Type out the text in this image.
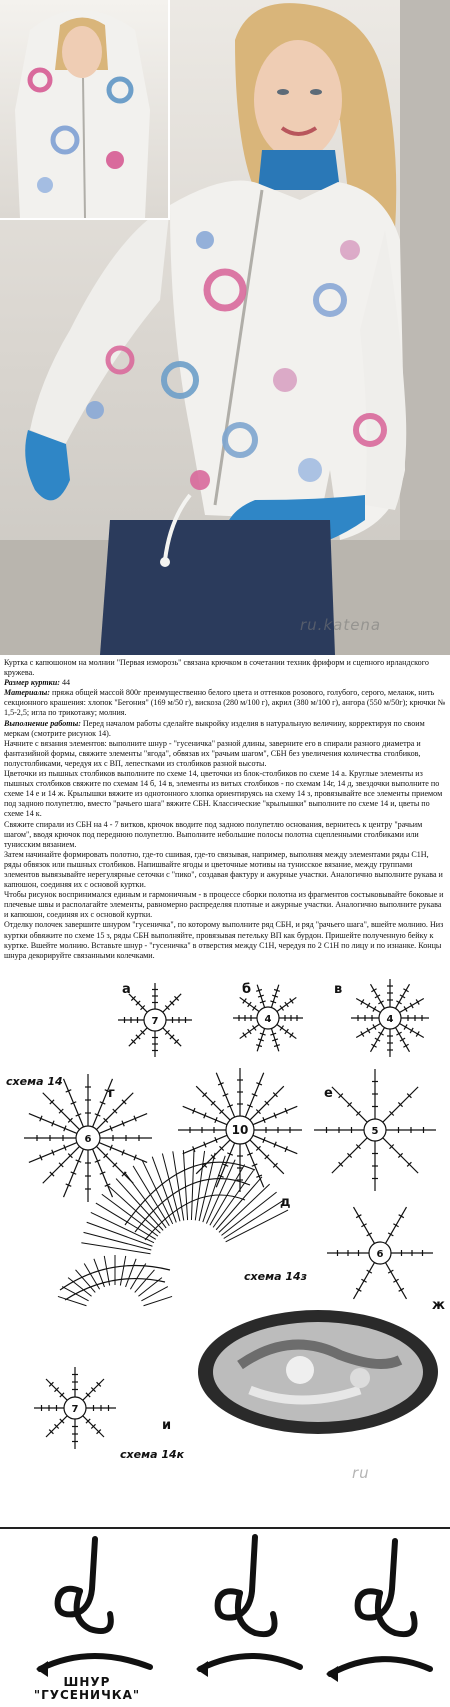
ru.katena

Куртка с капюшоном на молнии "Первая изморозь" связана крючком в сочетании техник фриформ и сцепного ирландского кружева.

Размер куртки: 44

Материалы: пряжа общей массой 800г преимущественно белого цвета и оттенков розового, голубого, серого, меланж, нить секционного крашения: хлопок "Бегония" (169 м/50 г), вискоза (280 м/100 г), акрил (380 м/100 г), ангора (550 м/50г); крючки № 1,5-2,5; игла по трикотажу; молния.

Выполнение работы: Перед началом работы сделайте выкройку изделия в натуральную величину, корректируя по своим меркам (смотрите рисунок 14).

Начните с вязания элементов: выполните шнур - "гусеничка" разной длины, заверните его в спирали разного диаметра и фантазийной формы, свяжите элементы "ягода", обвязав их "рачьим шагом", СБН без увеличения количества столбиков, полустолбиками, чередуя их с ВП, лепестками из столбиков разной высоты.

Цветочки из пышных столбиков выполните по схеме 14, цветочки из блок-столбиков по схеме 14 а. Круглые элементы из пышных столбиков свяжите по схемам 14 б, 14 в, элементы из витых столбиков - по схемам 14г, 14 д, звездочки выполните по схеме 14 е и 14 ж. Крылышки вяжите из однотонного хлопка ориентируясь на схему 14 з, провязывайте все элементы приемом под задною полупетлю, вместо "рачьего шага" вяжите СБН. Классические "крылышки" выполните по схеме 14 и, цветы по схеме 14 к.

Свяжите спирали из СБН на 4 - 7 витков, крючок вводите под задною полупетлю основания, вернитесь к центру "рачьим шагом", вводя крючок под переднюю полупетлю. Выполните небольшие полосы полотна сцепленными столбиками или тунисским вязанием.

Затем начинайте формировать полотно, где-то сшивая, где-то связывая, например, выполняя между элементами ряды С1Н, ряды обвязок или пышных столбиков. Напишвайте ягоды и цветочные мотивы на тунисское вязание, между группами элементов вывязывайте нерегулярные сеточки с "пико", создавая фактуру и ажурные участки. Аналогично выполните рукава и капюшон, соединяя их с основой куртки.

Чтобы рисунок воспринимался единым и гармоничным - в процессе сборки полотна из фрагментов состыковывайте боковые и плечевые швы и располагайте элементы, равномерно распределяя плотные и ажурные участки. Аналогично выполните рукава и капюшон, соединяя их с основой куртки.

Отделку полочек завершите шнуром "гусеничка", по которому выполните ряд СБН, и ряд "рачьего шага", вшейте молнию. Низ куртки обвяжите по схеме 15 з, ряды СБН выполняйте, провязывая петельку ВП как бурдон. Пришейте полученную бейку к куртке. Вшейте молнию. Вставьте шнур - "гусеничка" в отверстия между С1Н, чередуя по 2 С1Н по лицу и по изнанке. Концы шнура декорируйте связанными колечками.

7	4	4
6
10	5
6
7
а	б	в
г
д
е
ж
и
схема 14
схема 14з
схема 14к
ru
ШНУР
"ГУСЕНИЧКА"
